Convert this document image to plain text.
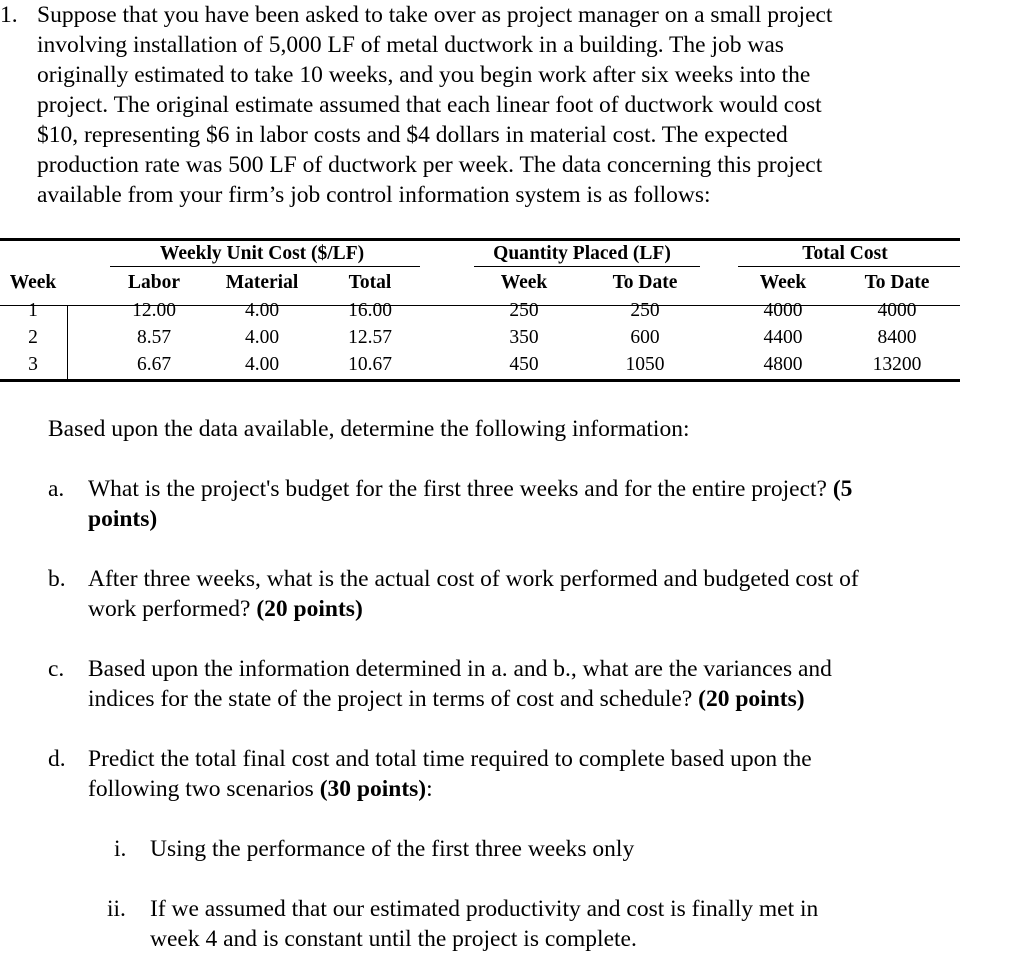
1. Suppose that you have been asked to take over as project manager on a small project
involving installation of 5,000 LF of metal ductwork in a building. The job was
originally estimated to take 10 weeks, and you begin work after six weeks into the
project. The original estimate assumed that each linear foot of ductwork would cost
$10, representing $6 in labor costs and $4 dollars in material cost. The expected
production rate was 500 LF of ductwork per week. The data concerning this project
available from your firm’s job control information system is as follows:
Weekly Unit Cost ($/LF)	Quantity Placed (LF)	Total Cost
Week	Labor Material	Total	Week	To Date	Week	To Date
1	12.00	4.00	16.00	250	250	4000	4000
2	8.57	4.00	12.57	350	600	4400	8400
3	6.67	4.00	10.67	450	1050	4800	13200
Based upon the data available, determine the following information:
a. What is the project's budget for the first three weeks and for the entire project? (5
points)
b. After three weeks, what is the actual cost of work performed and budgeted cost of
work performed? (20 points)
c. Based upon the information determined in a. and b., what are the variances and
indices for the state of the project in terms of cost and schedule? (20 points)
d. Predict the total final cost and total time required to complete based upon the
following two scenarios (30 points):
i. Using the performance of the first three weeks only
ii. If we assumed that our estimated productivity and cost is finally met in
week 4 and is constant until the project is complete.
